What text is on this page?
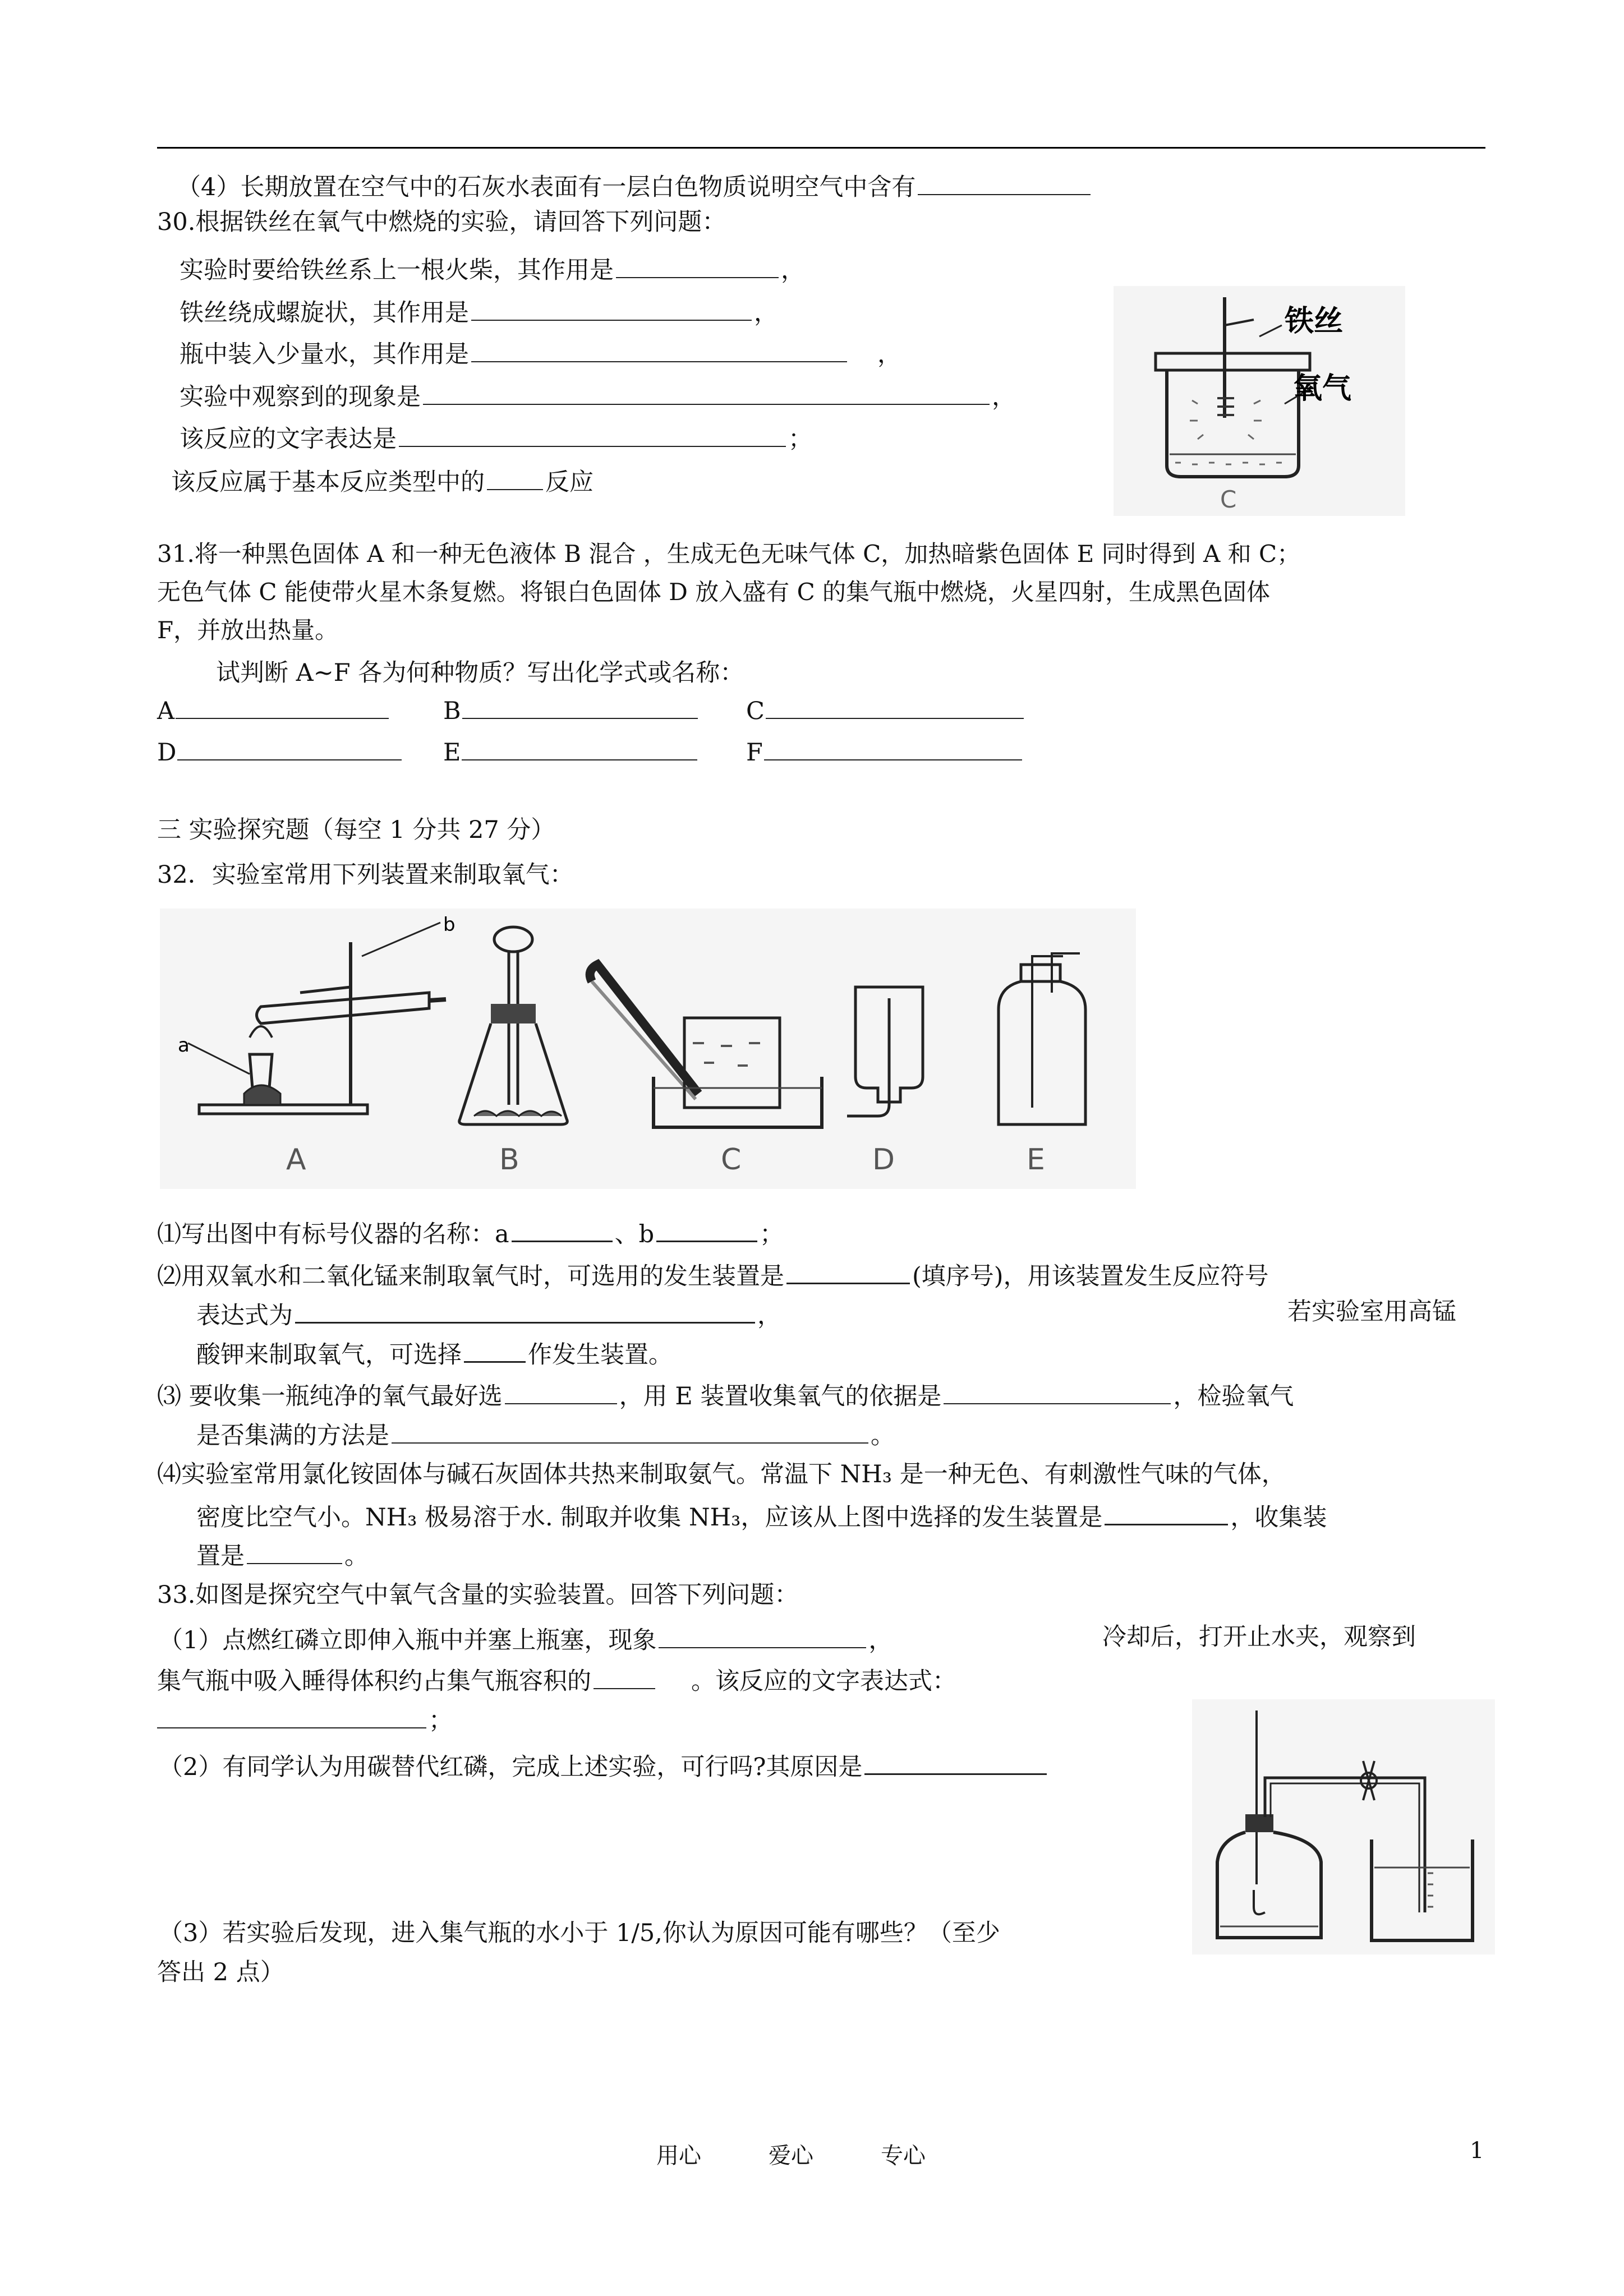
（4）长期放置在空气中的石灰水表面有一层白色物质说明空气中含有
30.根据铁丝在氧气中燃烧的实验，请回答下列问题：
实验时要给铁丝系上一根火柴，其作用是	，
铁丝绕成螺旋状，其作用是	，
瓶中装入少量水，其作用是	，
实验中观察到的现象是	，
该反应的文字表达是	；
该反应属于基本反应类型中的	反应
铁丝
氧气
C
31.将一种黑色固体 A 和一种无色液体 B 混合 ，生成无色无味气体 C，加热暗紫色固体 E 同时得到 A 和 C；
无色气体 C 能使带火星木条复燃。将银白色固体 D 放入盛有 C 的集气瓶中燃烧，火星四射，生成黑色固体
F，并放出热量。
试判断 A~F 各为何种物质？写出化学式或名称：
A	B	C
D	E	F
三 实验探究题（每空 1 分共 27 分）
32．实验室常用下列装置来制取氧气：
a
b
A	B	C	D	E
⑴写出图中有标号仪器的名称：a	、b	；
⑵用双氧水和二氧化锰来制取氧气时，可选用的发生装置是	(填序号)，用该装置发生反应符号
表达式为	，	若实验室用高锰
酸钾来制取氧气，可选择	作发生装置。
⑶ 要收集一瓶纯净的氧气最好选	，用 E 装置收集氧气的依据是	，检验氧气
是否集满的方法是	。
⑷实验室常用氯化铵固体与碱石灰固体共热来制取氨气。常温下 NH₃ 是一种无色、有刺激性气味的气体，
密度比空气小。NH₃ 极易溶于水. 制取并收集 NH₃，应该从上图中选择的发生装置是	，收集装
置是	。
33.如图是探究空气中氧气含量的实验装置。回答下列问题：
（1）点燃红磷立即伸入瓶中并塞上瓶塞，现象	，	冷却后，打开止水夹，观察到
集气瓶中吸入睡得体积约占集气瓶容积的	。该反应的文字表达式：
；
（2）有同学认为用碳替代红磷，完成上述实验，可行吗?其原因是
（3）若实验后发现，进入集气瓶的水小于 1/5,你认为原因可能有哪些？（至少
答出 2 点）
用心	爱心	专心	1
